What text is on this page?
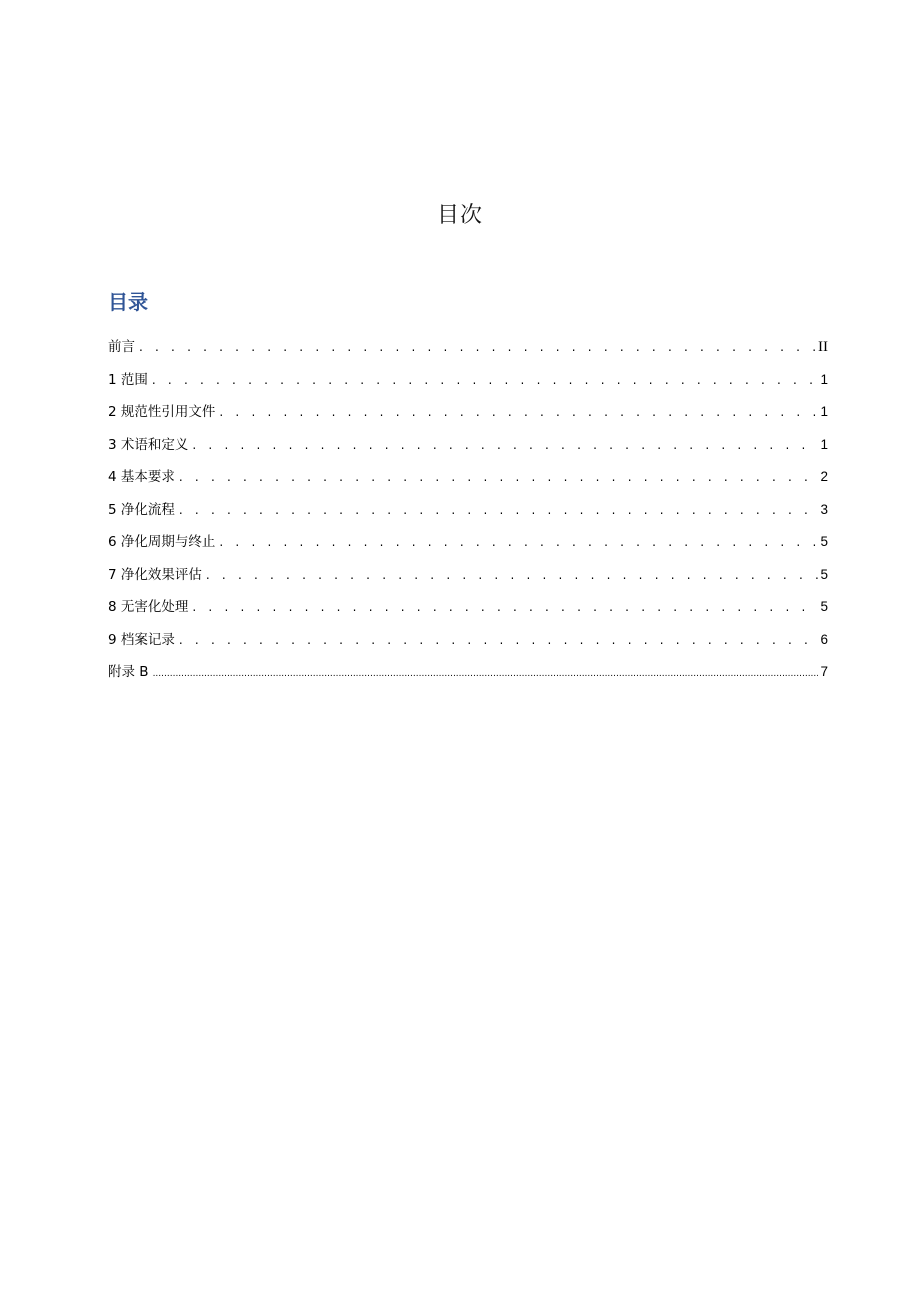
目次
目录
前言 . . .	II
1 范围 . . .	1
2 规范性引用文件 . . .	1
3 术语和定义 . . .	1
4 基本要求 . . .	2
5 净化流程 . . .	3
6 净化周期与终止 . . .	5
7 净化效果评估 . . .	5
8 无害化处理 . . .	5
9 档案记录 . . .	6
附录 B .....	7
